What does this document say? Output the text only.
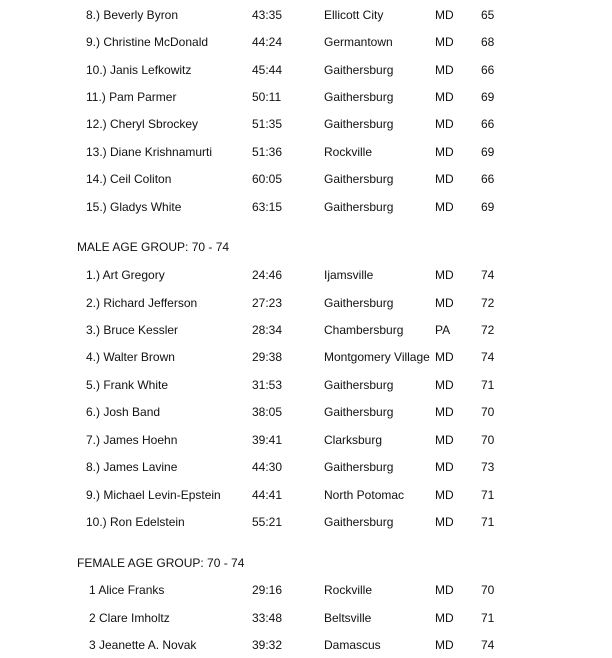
8.) Beverly Byron	43:35	Ellicott City	MD 65
9.) Christine McDonald	44:24	Germantown	MD 68
10.) Janis Lefkowitz	45:44	Gaithersburg	MD 66
11.) Pam Parmer	50:11	Gaithersburg	MD 69
12.) Cheryl Sbrockey	51:35	Gaithersburg	MD 66
13.) Diane Krishnamurti	51:36	Rockville	MD 69
14.) Ceil Coliton	60:05	Gaithersburg	MD 66
15.) Gladys White	63:15	Gaithersburg	MD 69
MALE AGE GROUP: 70 - 74
1.) Art Gregory	24:46	Ijamsville	MD 74
2.) Richard Jefferson	27:23	Gaithersburg	MD 72
3.) Bruce Kessler	28:34	Chambersburg	PA	72
4.) Walter Brown	29:38	Montgomery Village MD 74
5.) Frank White	31:53	Gaithersburg	MD 71
6.) Josh Band	38:05	Gaithersburg	MD 70
7.) James Hoehn	39:41	Clarksburg	MD 70
8.) James Lavine	44:30	Gaithersburg	MD 73
9.) Michael Levin-Epstein	44:41	North Potomac	MD 71
10.) Ron Edelstein	55:21	Gaithersburg	MD 71
FEMALE AGE GROUP: 70 - 74
1 Alice Franks	29:16	Rockville	MD 70
2 Clare Imholtz	33:48	Beltsville	MD 71
3 Jeanette A. Novak	39:32	Damascus	MD 74
